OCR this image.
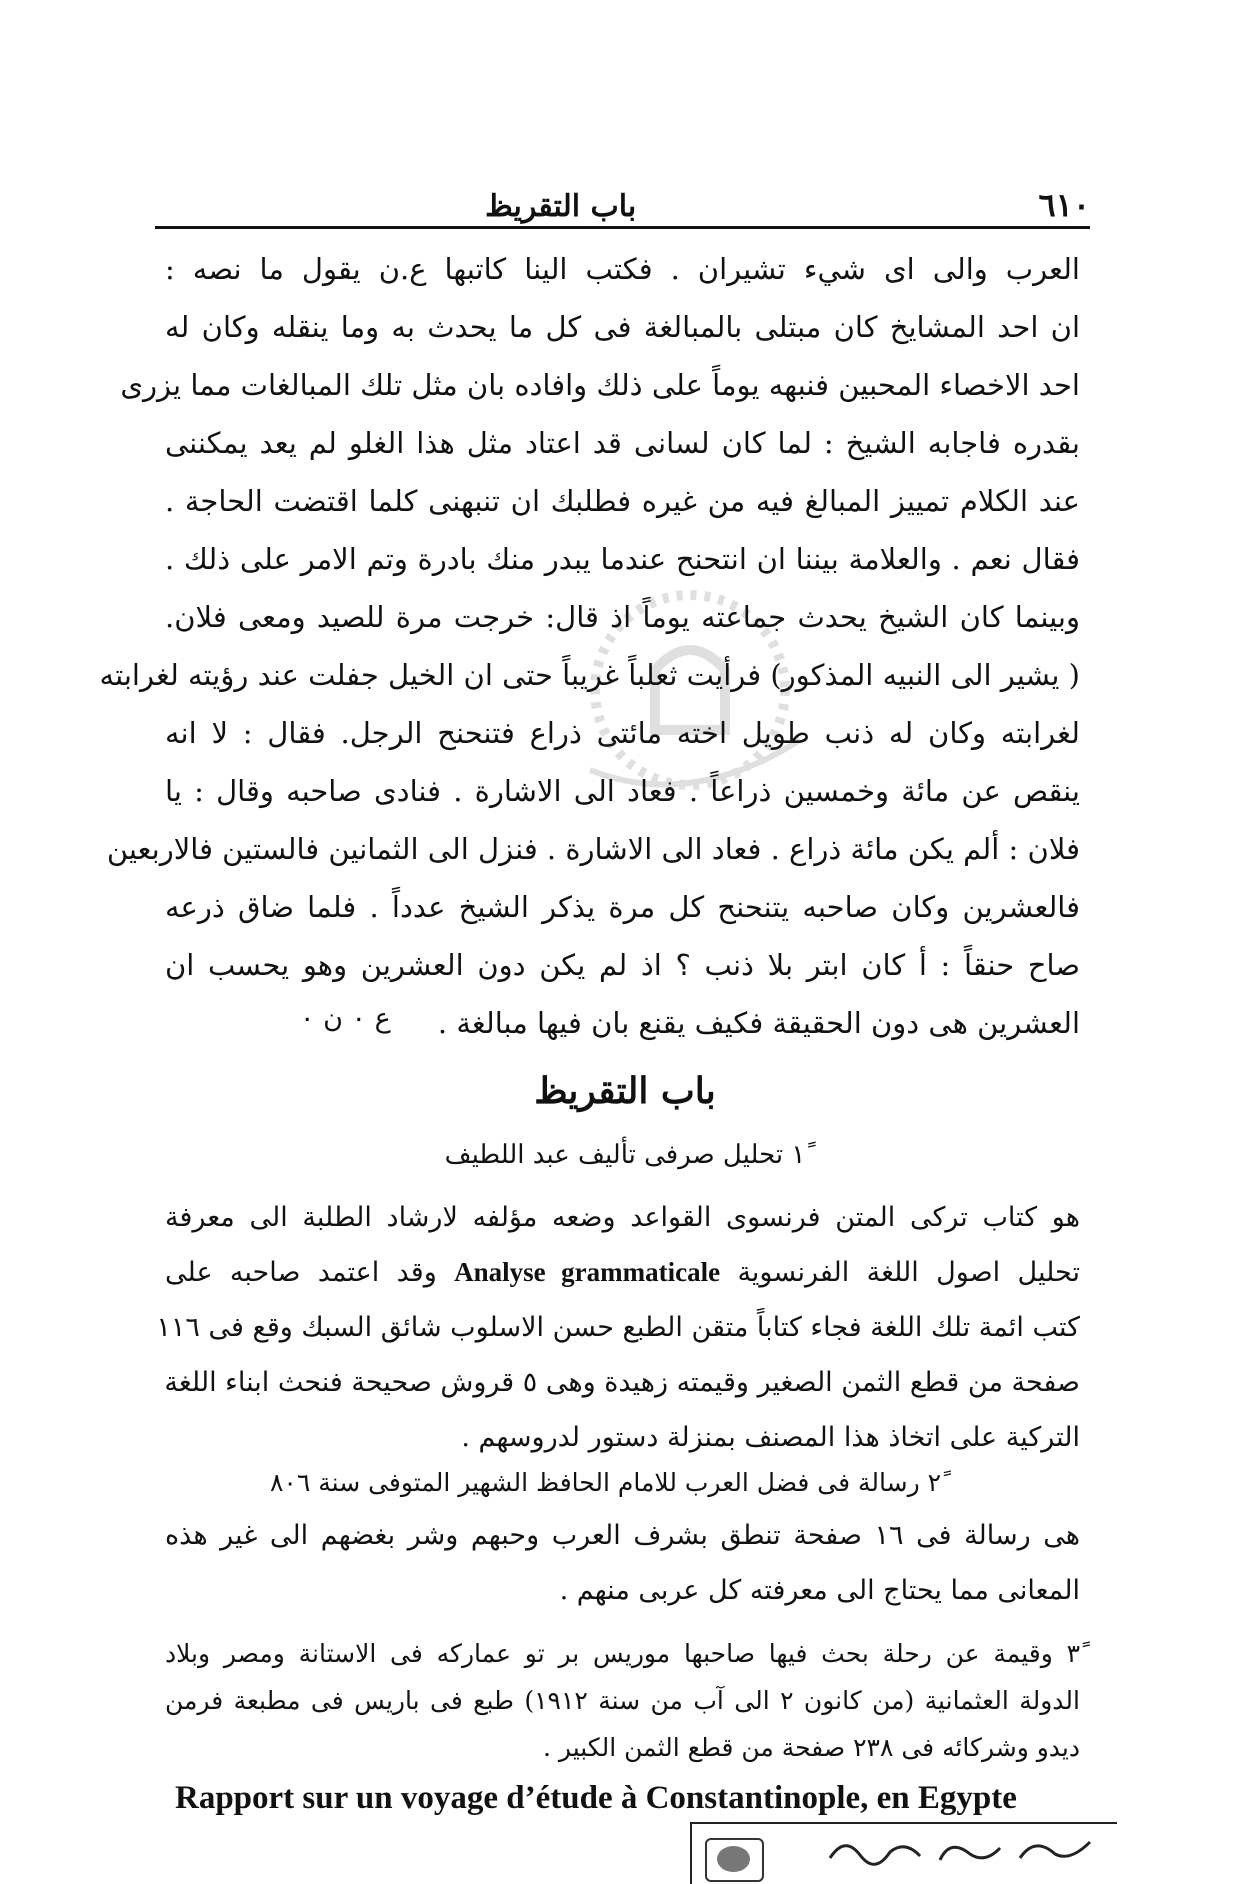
٦١٠
باب التقريظ
العرب والى اى شيء تشيران . فكتب الينا كاتبها ع.ن يقول ما نصه :
ان احد المشايخ كان مبتلى بالمبالغة فى كل ما يحدث به وما ينقله وكان له
احد الاخصاء المحبين فنبهه يوماً على ذلك وافاده بان مثل تلك المبالغات مما يزرى
بقدره فاجابه الشيخ : لما كان لسانى قد اعتاد مثل هذا الغلو لم يعد يمكننى
عند الكلام تمييز المبالغ فيه من غيره فطلبك ان تنبهنى كلما اقتضت الحاجة .
فقال نعم . والعلامة بيننا ان انتحنح عندما يبدر منك بادرة وتم الامر على ذلك .
وبينما كان الشيخ يحدث جماعته يوماً اذ قال: خرجت مرة للصيد ومعى فلان.
( يشير الى النبيه المذكور) فرأيت ثعلباً غريباً حتى ان الخيل جفلت عند رؤيته لغرابته
لغرابته وكان له ذنب طويل اخته مائتى ذراع فتنحنح الرجل. فقال : لا انه
ينقص عن مائة وخمسين ذراعاً . فعاد الى الاشارة . فنادى صاحبه وقال : يا
فلان : ألم يكن مائة ذراع . فعاد الى الاشارة . فنزل الى الثمانين فالستين فالاربعين
فالعشرين وكان صاحبه يتنحنح كل مرة يذكر الشيخ عدداً . فلما ضاق ذرعه
صاح حنقاً : أ كان ابتر بلا ذنب ؟ اذ لم يكن دون العشرين وهو يحسب ان
العشرين هى دون الحقيقة فكيف يقنع بان فيها مبالغة .
ع ٠ ن ٠
باب التقريظ
١ً تحليل صرفى تأليف عبد اللطيف
هو كتاب تركى المتن فرنسوى القواعد وضعه مؤلفه لارشاد الطلبة الى معرفة
تحليل اصول اللغة الفرنسوية Analyse grammaticale وقد اعتمد صاحبه على
كتب ائمة تلك اللغة فجاء كتاباً متقن الطبع حسن الاسلوب شائق السبك وقع فى ١١٦
صفحة من قطع الثمن الصغير وقيمته زهيدة وهى ٥ قروش صحيحة فنحث ابناء اللغة
التركية على اتخاذ هذا المصنف بمنزلة دستور لدروسهم .
٢ً رسالة فى فضل العرب للامام الحافظ الشهير المتوفى سنة ٨٠٦
هى رسالة فى ١٦ صفحة تنطق بشرف العرب وحبهم وشر بغضهم الى غير هذه
المعانى مما يحتاج الى معرفته كل عربى منهم .
٣ً وقيمة عن رحلة بحث فيها صاحبها موريس بر تو عماركه فى الاستانة ومصر وبلاد
الدولة العثمانية (من كانون ٢ الى آب من سنة ١٩١٢) طبع فى باريس فى مطبعة فرمن
ديدو وشركائه فى ٢٣٨ صفحة من قطع الثمن الكبير .
Rapport sur un voyage d’étude à Constantinople, en Egypte
